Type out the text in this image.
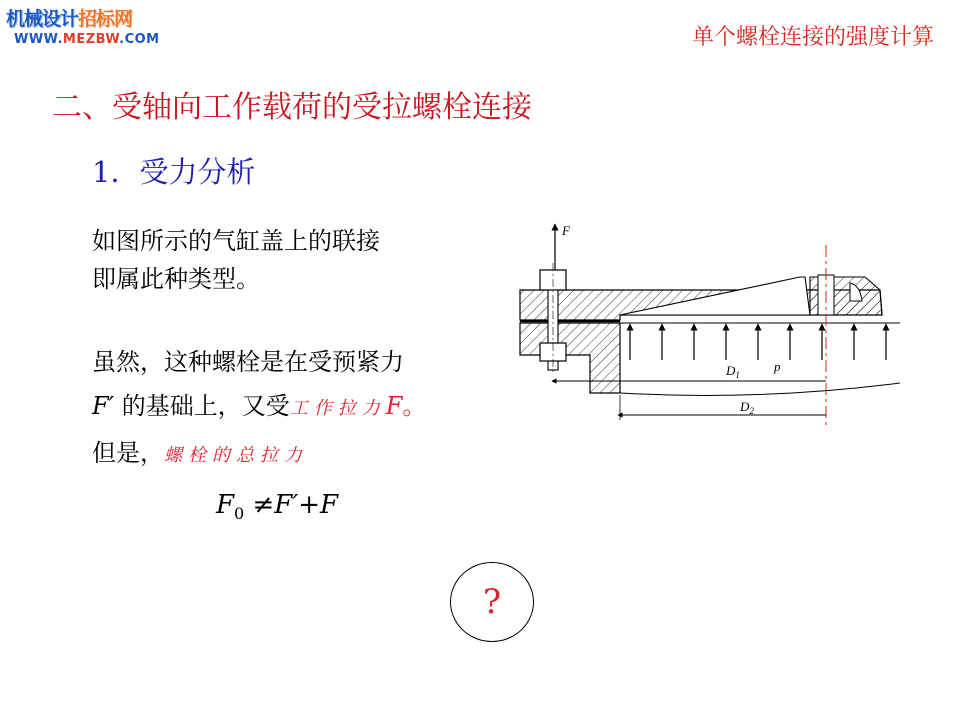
机械设计招标网
WWW.MEZBW.COM	单个螺栓连接的强度计算
二、受轴向工作载荷的受拉螺栓连接
1．受力分析
如图所示的气缸盖上的联接
即属此种类型。
虽然，这种螺栓是在受预紧力
F′ 的基础上，又受工作拉力F。
但是，螺栓的总拉力
$F_0 \ne F'+F$
?
F
$D_1$
p
$D_2$
